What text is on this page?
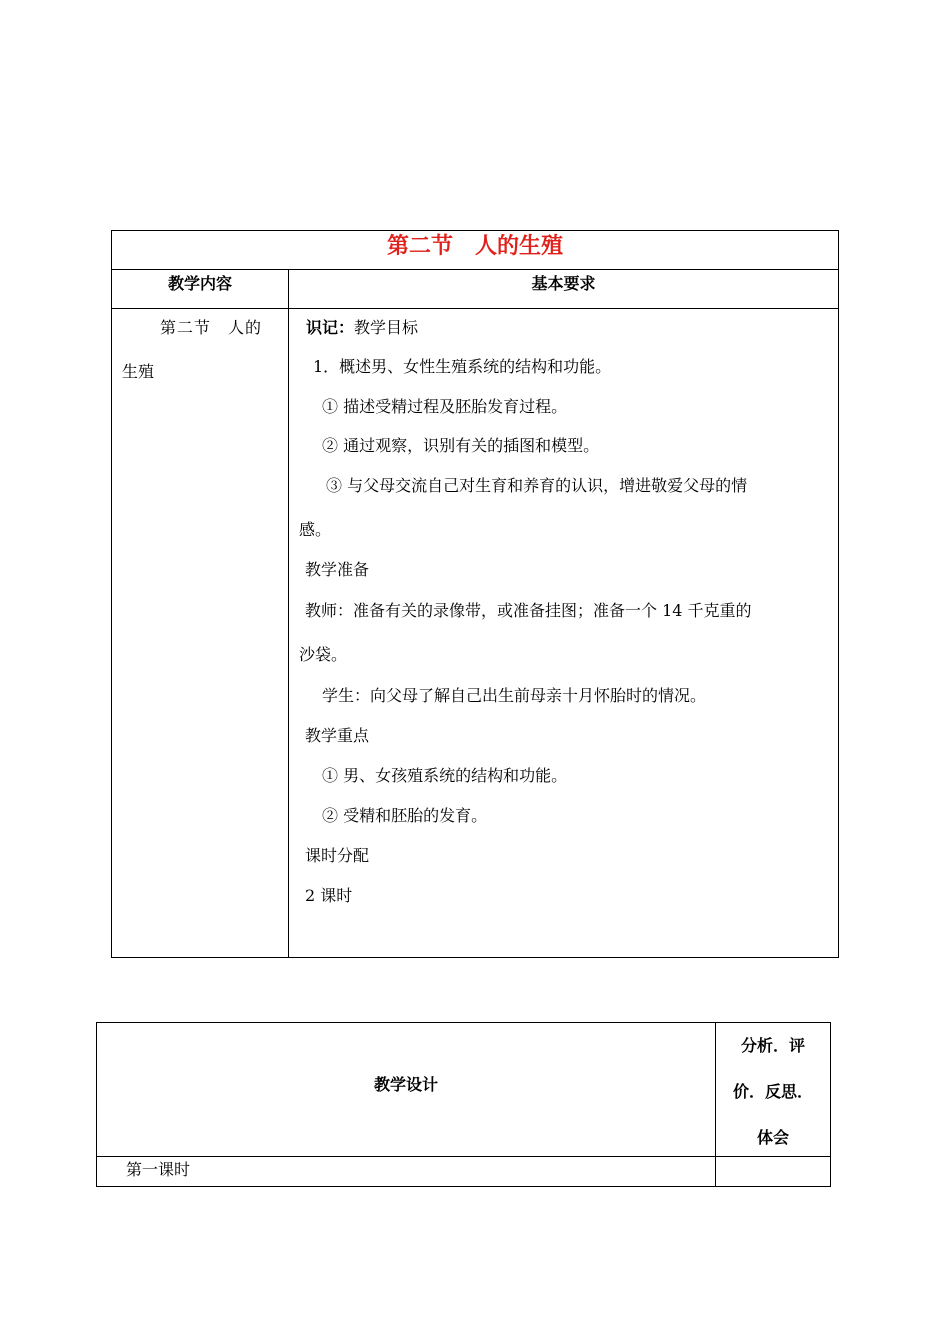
第二节　人的生殖
教学内容	基本要求
第二节　人的
生殖
识记：教学目标
1．概述男、女性生殖系统的结构和功能。
① 描述受精过程及胚胎发育过程。
② 通过观察，识别有关的插图和模型。
③ 与父母交流自己对生育和养育的认识，增进敬爱父母的情
感。
教学准备
教师：准备有关的录像带，或准备挂图；准备一个 14 千克重的
沙袋。
学生：向父母了解自己出生前母亲十月怀胎时的情况。
教学重点
① 男、女孩殖系统的结构和功能。
② 受精和胚胎的发育。
课时分配
2 课时
教学设计
分析．评
价．反思．
体会
第一课时
